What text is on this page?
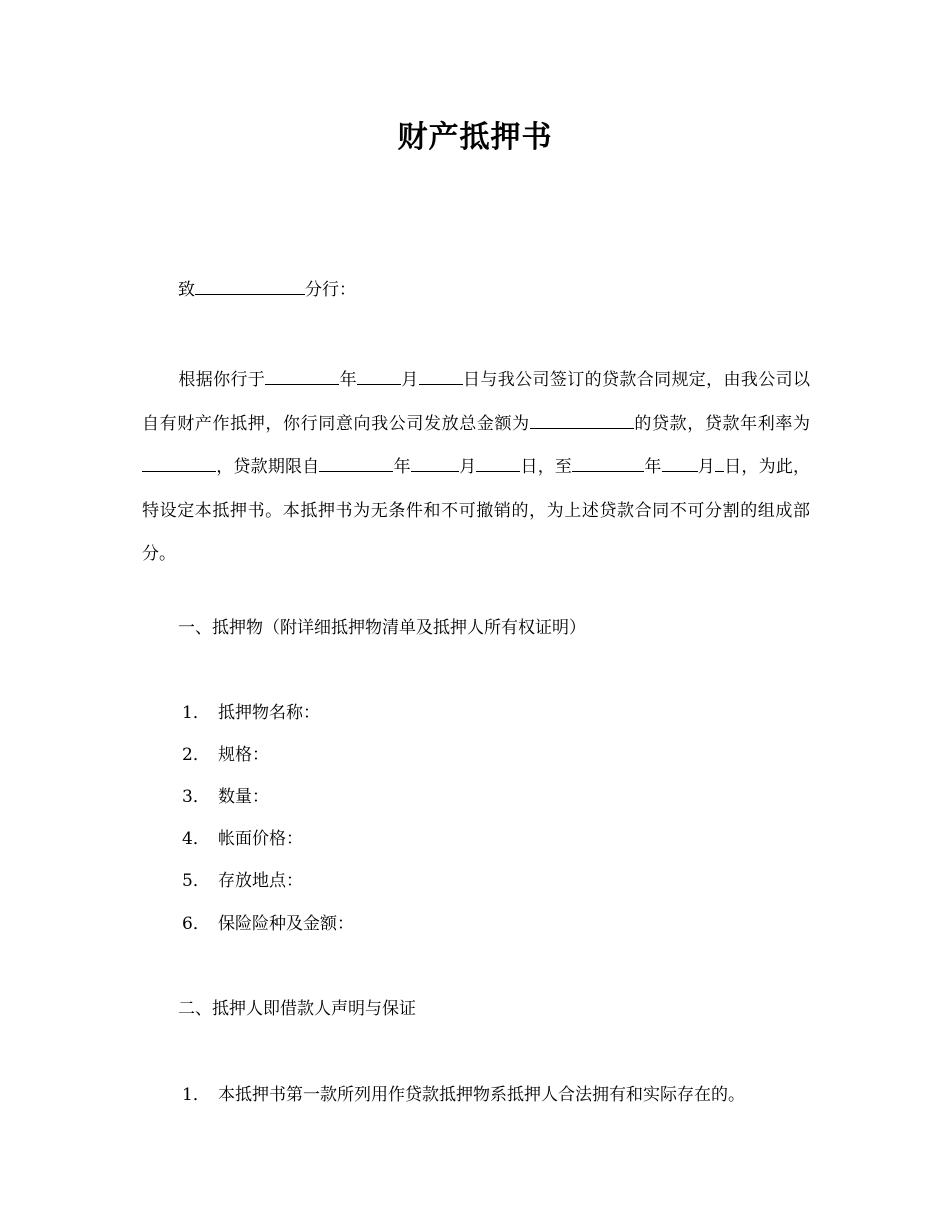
财产抵押书

致	分行：

根据你行于	年	月	日与我公司签订的贷款合同规定，由我公司以自有财产作抵押，你行同意向我公司发放总金额为	的贷款，贷款年利率为，贷款期限自	年	月	日，至	年 月 日，为此，特设定本抵押书。本抵押书为无条件和不可撤销的，为上述贷款合同不可分割的组成部分。

一、抵押物（附详细抵押物清单及抵押人所有权证明）

1． 抵押物名称：

2． 规格：

3． 数量：

4． 帐面价格：

5． 存放地点：

6． 保险险种及金额：

二、抵押人即借款人声明与保证

1． 本抵押书第一款所列用作贷款抵押物系抵押人合法拥有和实际存在的。
